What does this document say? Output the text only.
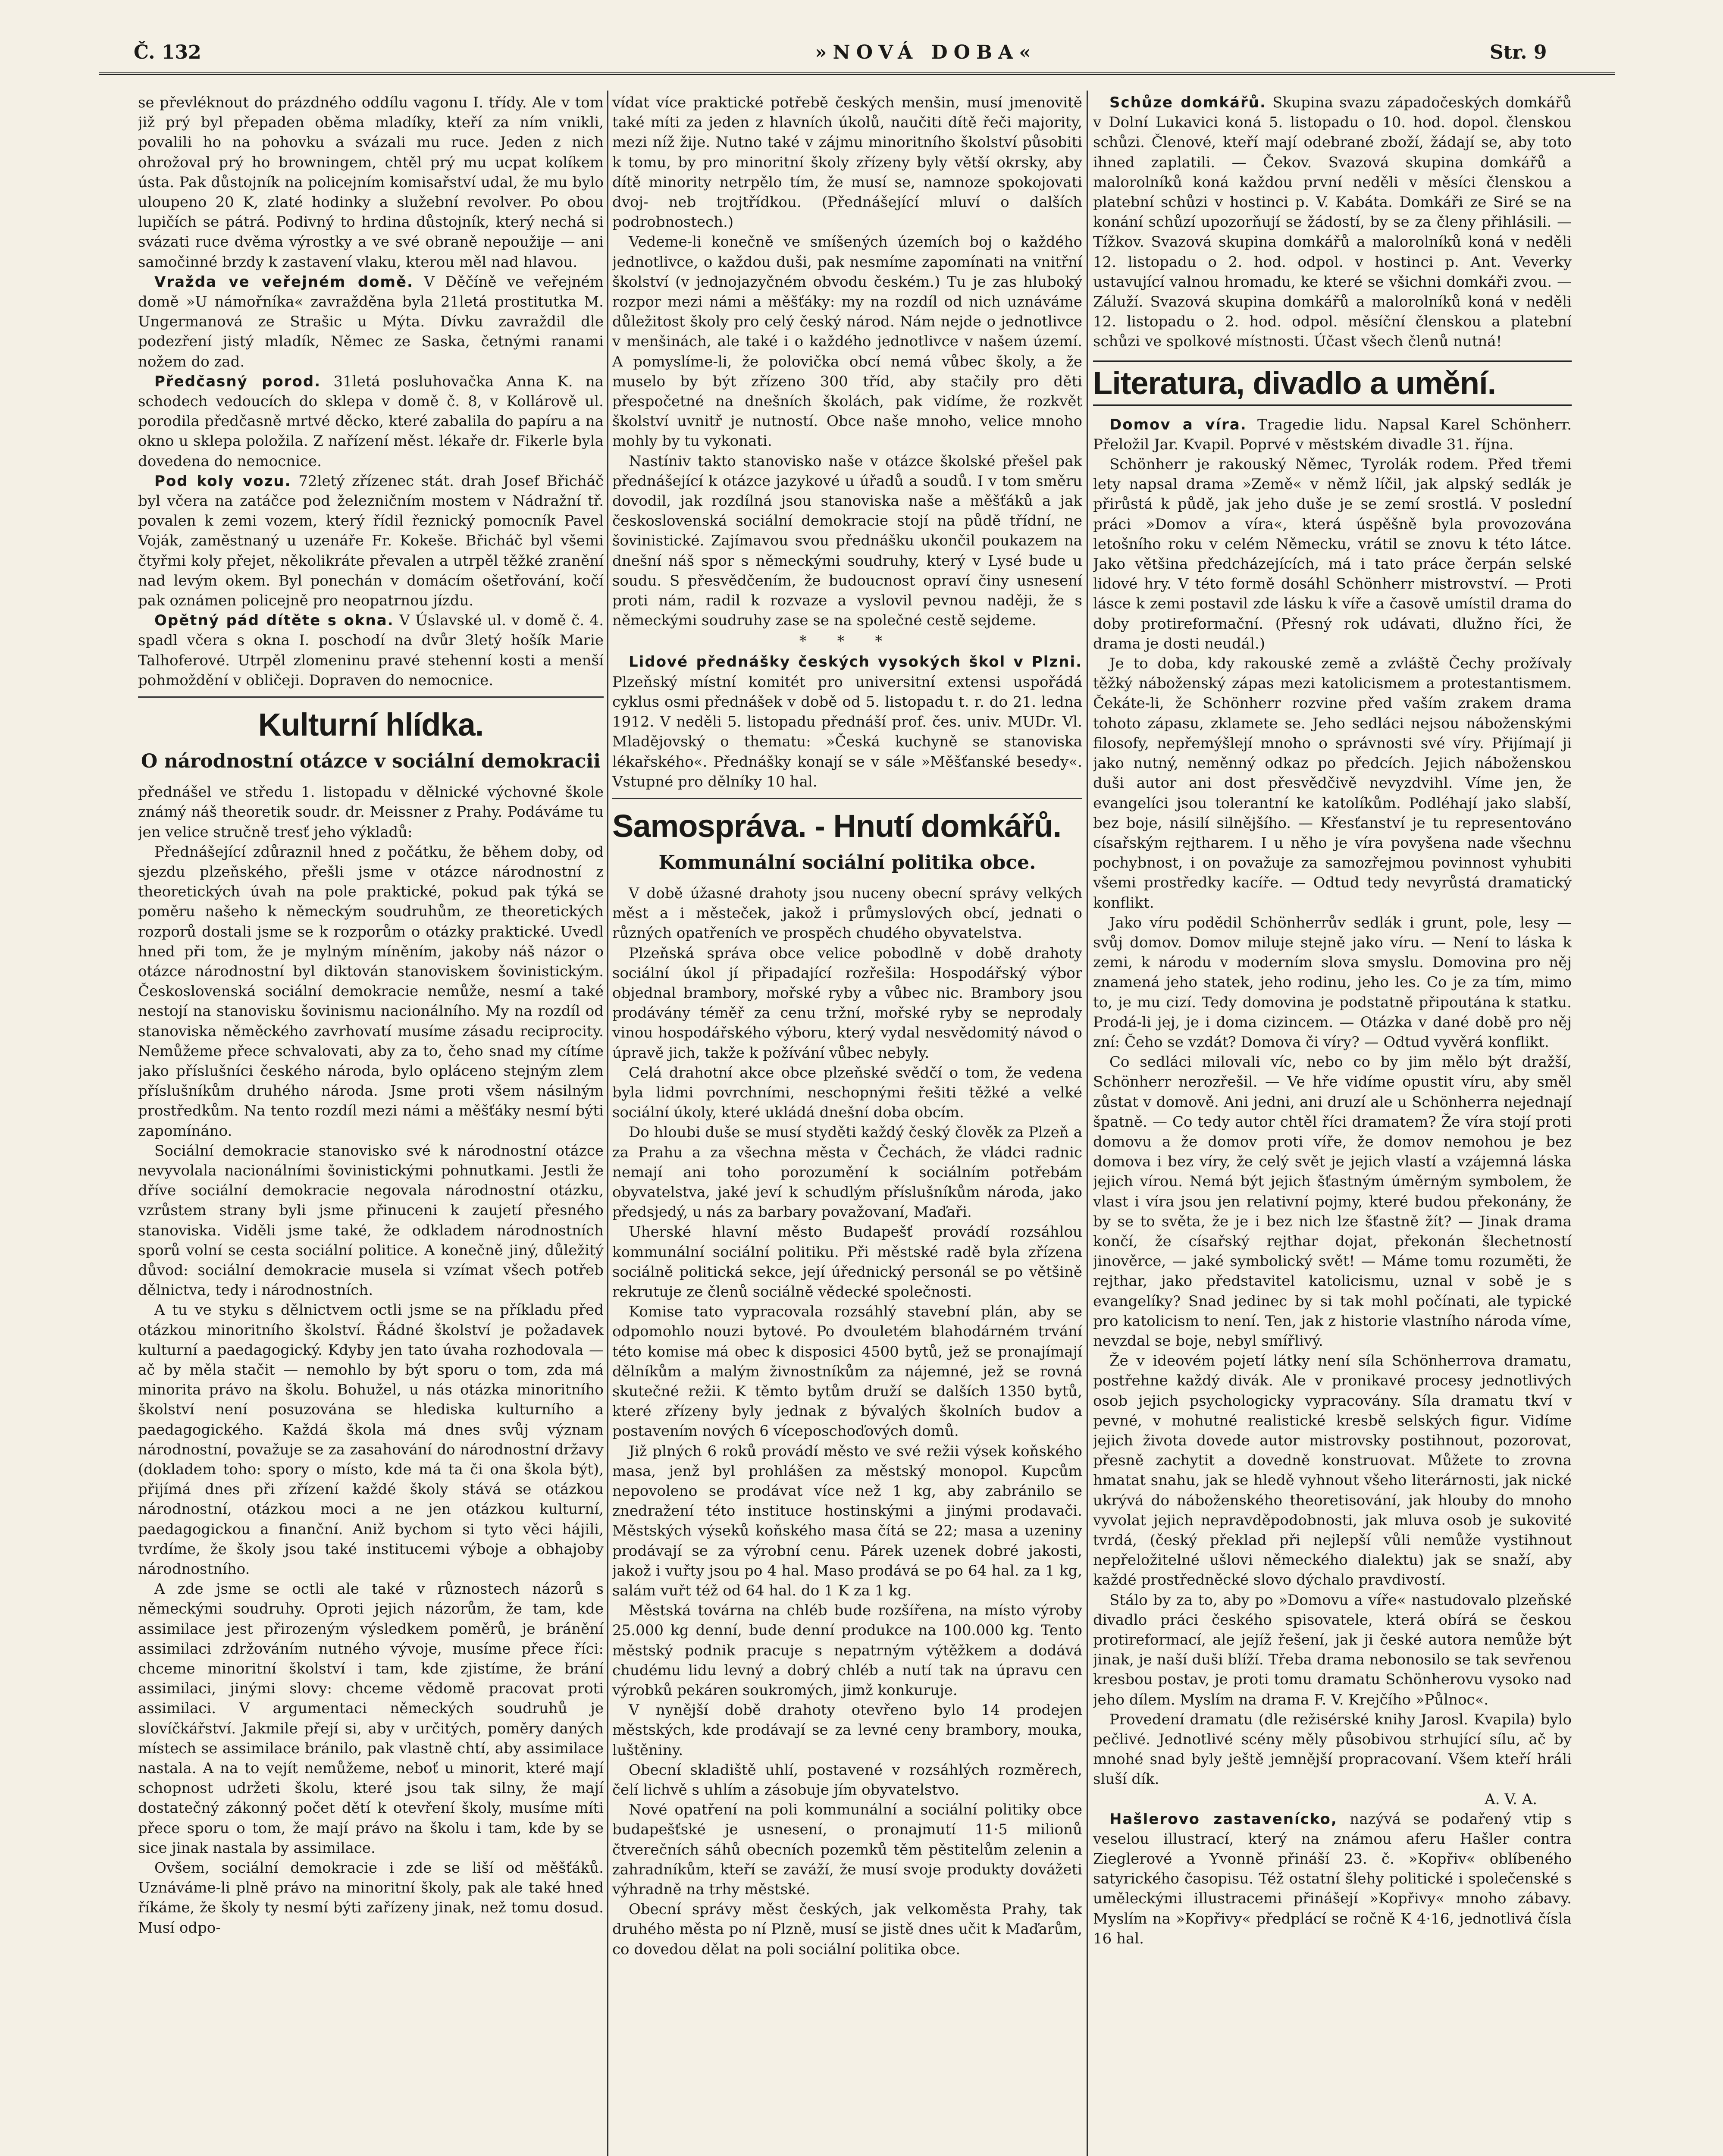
Č. 132	»NOVÁ DOBA«	Str. 9

se převléknout do prázdného oddílu vagonu I. třídy. Ale v tom již prý byl přepaden oběma mladíky, kteří za ním vnikli, povalili ho na pohovku a svázali mu ruce. Jeden z nich ohrožoval prý ho browningem, chtěl prý mu ucpat kolíkem ústa. Pak důstojník na policejním komisařství udal, že mu bylo uloupeno 20 K, zlaté hodinky a služební revolver. Po obou lupičích se pátrá. Podivný to hrdina důstojník, který nechá si svázati ruce dvěma výrostky a ve své obraně nepoužije — ani samočinné brzdy k zastavení vlaku, kterou měl nad hlavou.

Vražda ve veřejném domě. V Děčíně ve veřejném domě »U námořníka« zavražděna byla 21letá prostitutka M. Ungermanová ze Strašic u Mýta. Dívku zavraždil dle podezření jistý mladík, Němec ze Saska, četnými ranami nožem do zad.

Předčasný porod. 31letá posluhovačka Anna K. na schodech vedoucích do sklepa v domě č. 8, v Kollárově ul. porodila předčasně mrtvé děcko, které zabalila do papíru a na okno u sklepa položila. Z nařízení měst. lékaře dr. Fikerle byla dovedena do nemocnice.

Pod koly vozu. 72letý zřízenec stát. drah Josef Břicháč byl včera na zatáčce pod železničním mostem v Nádražní tř. povalen k zemi vozem, který řídil řeznický pomocník Pavel Voják, zaměstnaný u uzenáře Fr. Kokeše. Břicháč byl všemi čtyřmi koly přejet, několikráte převalen a utrpěl těžké zranění nad levým okem. Byl ponechán v domácím ošetřování, kočí pak oznámen policejně pro neopatrnou jízdu.

Opětný pád dítěte s okna. V Úslavské ul. v domě č. 4. spadl včera s okna I. poschodí na dvůr 3letý hošík Marie Talhoferové. Utrpěl zlomeninu pravé stehenní kosti a menší pohmoždění v obličeji. Dopraven do nemocnice.

Kulturní hlídka.
O národnostní otázce v sociální demokracii

přednášel ve středu 1. listopadu v dělnické výchovné škole známý náš theoretik soudr. dr. Meissner z Prahy. Podáváme tu jen velice stručně tresť jeho výkladů:

Přednášející zdůraznil hned z počátku, že během doby, od sjezdu plzeňského, přešli jsme v otázce národnostní z theoretických úvah na pole praktické, pokud pak týká se poměru našeho k německým soudruhům, ze theoretických rozporů dostali jsme se k rozporům o otázky praktické. Uvedl hned při tom, že je mylným míněním, jakoby náš názor o otázce národnostní byl diktován stanoviskem šovinistickým. Československá sociální demokracie nemůže, nesmí a také nestojí na stanovisku šovinismu nacionálního. My na rozdíl od stanoviska něměckého zavrhovatí musíme zásadu reciprocity. Nemůžeme přece schvalovati, aby za to, čeho snad my cítíme jako příslušníci českého národa, bylo opláceno stejným zlem příslušníkům druhého národa. Jsme proti všem násilným prostředkům. Na tento rozdíl mezi námi a měšťáky nesmí býti zapomínáno.

Sociální demokracie stanovisko své k národnostní otázce nevyvolala nacionálními šovinistickými pohnutkami. Jestli že dříve sociální demokracie negovala národnostní otázku, vzrůstem strany byli jsme přinuceni k zaujetí přesného stanoviska. Viděli jsme také, že odkladem národnostních sporů volní se cesta sociální politice. A konečně jiný, důležitý důvod: sociální demokracie musela si vzímat všech potřeb dělnictva, tedy i národnostních.

A tu ve styku s dělnictvem octli jsme se na příkladu před otázkou minoritního školství. Řádné školství je požadavek kulturní a paedagogický. Kdyby jen tato úvaha rozhodovala — ač by měla stačit — nemohlo by být sporu o tom, zda má minorita právo na školu. Bohužel, u nás otázka minoritního školství není posuzována se hlediska kulturního a paedagogického. Každá škola má dnes svůj význam národnostní, považuje se za zasahování do národnostní državy (dokladem toho: spory o místo, kde má ta či ona škola být), přijímá dnes při zřízení každé školy stává se otázkou národnostní, otázkou moci a ne jen otázkou kulturní, paedagogickou a finanční. Aniž bychom si tyto věci hájili, tvrdíme, že školy jsou také institucemi výboje a obhajoby národnostního.

A zde jsme se octli ale také v různostech názorů s německými soudruhy. Oproti jejich názorům, že tam, kde assimilace jest přirozeným výsledkem poměrů, je bránění assimilaci zdržováním nutného vývoje, musíme přece říci: chceme minoritní školství i tam, kde zjistíme, že brání assimilaci, jinými slovy: chceme vědomě pracovat proti assimilaci. V argumentaci německých soudruhů je slovíčkářství. Jakmile přejí si, aby v určitých, poměry daných místech se assimilace bránilo, pak vlastně chtí, aby assimilace nastala. A na to vejít nemůžeme, neboť u minorit, které mají schopnost udržeti školu, které jsou tak silny, že mají dostatečný zákonný počet dětí k otevření školy, musíme míti přece sporu o tom, že mají právo na školu i tam, kde by se sice jinak nastala by assimilace.

Ovšem, sociální demokracie i zde se liší od měšťáků. Uznáváme-li plně právo na minoritní školy, pak ale také hned říkáme, že školy ty nesmí býti zařízeny jinak, než tomu dosud. Musí odpo-

vídat více praktické potřebě českých menšin, musí jmenovitě také míti za jeden z hlavních úkolů, naučiti dítě řeči majority, mezi níž žije. Nutno také v zájmu minoritního školství působiti k tomu, by pro minoritní školy zřízeny byly větší okrsky, aby dítě minority netrpělo tím, že musí se, namnoze spokojovati dvoj- neb trojtřídkou. (Přednášející mluví o dalších podrobnostech.)

Vedeme-li konečně ve smíšených územích boj o každého jednotlivce, o každou duši, pak nesmíme zapomínati na vnitřní školství (v jednojazyčném obvodu českém.) Tu je zas hluboký rozpor mezi námi a měšťáky: my na rozdíl od nich uznáváme důležitost školy pro celý český národ. Nám nejde o jednotlivce v menšinách, ale také i o každého jednotlivce v našem území. A pomyslíme-li, že polovička obcí nemá vůbec školy, a že muselo by být zřízeno 300 tříd, aby stačily pro děti přespočetné na dnešních školách, pak vidíme, že rozkvět školství uvnitř je nutností. Obce naše mnoho, velice mnoho mohly by tu vykonati.

Nastíniv takto stanovisko naše v otázce školské přešel pak přednášející k otázce jazykové u úřadů a soudů. I v tom směru dovodil, jak rozdílná jsou stanoviska naše a měšťáků a jak československá sociální demokracie stojí na půdě třídní, ne šovinistické. Zajímavou svou přednášku ukončil poukazem na dnešní náš spor s německými soudruhy, který v Lysé bude u soudu. S přesvědčením, že budoucnost opraví činy usnesení proti nám, radil k rozvaze a vyslovil pevnou naději, že s německými soudruhy zase se na společné cestě sejdeme.

* * *

Lidové přednášky českých vysokých škol v Plzni. Plzeňský místní komitét pro universitní extensi uspořádá cyklus osmi přednášek v době od 5. listopadu t. r. do 21. ledna 1912. V neděli 5. listopadu přednáší prof. čes. univ. MUDr. Vl. Mladějovský o thematu: »Česká kuchyně se stanoviska lékařského«. Přednášky konají se v sále »Měšťanské besedy«. Vstupné pro dělníky 10 hal.

Samospráva. - Hnutí domkářů.
Kommunální sociální politika obce.

V době úžasné drahoty jsou nuceny obecní správy velkých měst a i městeček, jakož i průmyslových obcí, jednati o různých opatřeních ve prospěch chudého obyvatelstva.

Plzeňská správa obce velice pobodlně v době drahoty sociální úkol jí připadající rozřešila: Hospodářský výbor objednal brambory, mořské ryby a vůbec nic. Brambory jsou prodávány téměř za cenu tržní, mořské ryby se neprodaly vinou hospodářského výboru, který vydal nesvědomitý návod o úpravě jich, takže k požívání vůbec nebyly.

Celá drahotní akce obce plzeňské svědčí o tom, že vedena byla lidmi povrchními, neschopnými řešiti těžké a velké sociální úkoly, které ukládá dnešní doba obcím.

Do hloubi duše se musí styděti každý český člověk za Plzeň a za Prahu a za všechna města v Čechách, že vládci radnic nemají ani toho porozumění k sociálním potřebám obyvatelstva, jaké jeví k schudlým příslušníkům národa, jako předsjedý, u nás za barbary považovaní, Maďaři.

Uherské hlavní město Budapešť provádí rozsáhlou kommunální sociální politiku. Při městské radě byla zřízena sociálně politická sekce, její úřednický personál se po většině rekrutuje ze členů sociálně vědecké společnosti.

Komise tato vypracovala rozsáhlý stavební plán, aby se odpomohlo nouzi bytové. Po dvouletém blahodárném trvání této komise má obec k disposici 4500 bytů, jež se pronajímají dělníkům a malým živnostníkům za nájemné, jež se rovná skutečné režii. K těmto bytům druží se dalších 1350 bytů, které zřízeny byly jednak z bývalých školních budov a postavením nových 6 víceposchoďových domů.

Již plných 6 roků provádí město ve své režii výsek koňského masa, jenž byl prohlášen za městský monopol. Kupcům nepovoleno se prodávat více než 1 kg, aby zabránilo se znedražení této instituce hostinskými a jinými prodavači. Městských výseků koňského masa čítá se 22; masa a uzeniny prodávají se za výrobní cenu. Párek uzenek dobré jakosti, jakož i vuřty jsou po 4 hal. Maso prodává se po 64 hal. za 1 kg, salám vuřt též od 64 hal. do 1 K za 1 kg.

Městská továrna na chléb bude rozšířena, na místo výroby 25.000 kg denní, bude denní produkce na 100.000 kg. Tento městský podnik pracuje s nepatrným výtěžkem a dodává chudému lidu levný a dobrý chléb a nutí tak na úpravu cen výrobků pekáren soukromých, jimž konkuruje.

V nynější době drahoty otevřeno bylo 14 prodejen městských, kde prodávají se za levné ceny brambory, mouka, luštěniny.

Obecní skladiště uhlí, postavené v rozsáhlých rozměrech, čelí lichvě s uhlím a zásobuje jím obyvatelstvo.

Nové opatření na poli kommunální a sociální politiky obce budapešťské je usnesení, o pronajmutí 11·5 milionů čtverečních sáhů obecních pozemků těm pěstitelům zelenin a zahradníkům, kteří se zaváží, že musí svoje produkty dovážeti výhradně na trhy městské.

Obecní správy měst českých, jak velkoměsta Prahy, tak druhého města po ní Plzně, musí se jistě dnes učit k Maďarům, co dovedou dělat na poli sociální politika obce.

Schůze domkářů. Skupina svazu západočeských domkářů v Dolní Lukavici koná 5. listopadu o 10. hod. dopol. členskou schůzi. Členové, kteří mají odebrané zboží, žádají se, aby toto ihned zaplatili. — Čekov. Svazová skupina domkářů a malorolníků koná každou první neděli v měsíci členskou a platební schůzi v hostinci p. V. Kabáta. Domkáři ze Siré se na konání schůzí upozorňují se žádostí, by se za členy přihlásili. — Tížkov. Svazová skupina domkářů a malorolníků koná v neděli 12. listopadu o 2. hod. odpol. v hostinci p. Ant. Veverky ustavující valnou hromadu, ke které se všichni domkáři zvou. — Záluží. Svazová skupina domkářů a malorolníků koná v neděli 12. listopadu o 2. hod. odpol. měsíční členskou a platební schůzi ve spolkové místnosti. Účast všech členů nutná!

Literatura, divadlo a umění.

Domov a víra. Tragedie lidu. Napsal Karel Schönherr. Přeložil Jar. Kvapil. Poprvé v městském divadle 31. října.

Schönherr je rakouský Němec, Tyrolák rodem. Před třemi lety napsal drama »Země« v němž líčil, jak alpský sedlák je přirůstá k půdě, jak jeho duše je se zemí srostlá. V poslední práci »Domov a víra«, která úspěšně byla provozována letošního roku v celém Německu, vrátil se znovu k této látce. Jako většina předcházejících, má i tato práce čerpán selské lidové hry. V této formě dosáhl Schönherr mistrovství. — Proti lásce k zemi postavil zde lásku k víře a časově umístil drama do doby protireformační. (Přesný rok udávati, dlužno říci, že drama je dosti neudál.)

Je to doba, kdy rakouské země a zvláště Čechy prožívaly těžký náboženský zápas mezi katolicismem a protestantismem. Čekáte-li, že Schönherr rozvine před vaším zrakem drama tohoto zápasu, zklamete se. Jeho sedláci nejsou náboženskými filosofy, nepřemýšlejí mnoho o správnosti své víry. Přijímají ji jako nutný, neměnný odkaz po předcích. Jejich náboženskou duši autor ani dost přesvědčivě nevyzdvihl. Víme jen, že evangelíci jsou tolerantní ke katolíkům. Podléhají jako slabší, bez boje, násilí silnějšího. — Křesťanství je tu representováno císařským rejtharem. I u něho je víra povyšena nade všechnu pochybnost, i on považuje za samozřejmou povinnost vyhubiti všemi prostředky kacíře. — Odtud tedy nevyrůstá dramatický konflikt.

Jako víru podědil Schönherrův sedlák i grunt, pole, lesy — svůj domov. Domov miluje stejně jako víru. — Není to láska k zemi, k národu v moderním slova smyslu. Domovina pro něj znamená jeho statek, jeho rodinu, jeho les. Co je za tím, mimo to, je mu cizí. Tedy domovina je podstatně připoutána k statku. Prodá-li jej, je i doma cizincem. — Otázka v dané době pro něj zní: Čeho se vzdát? Domova či víry? — Odtud vyvěrá konflikt.

Co sedláci milovali víc, nebo co by jim mělo být dražší, Schönherr nerozřešil. — Ve hře vidíme opustit víru, aby směl zůstat v domově. Ani jedni, ani druzí ale u Schönherra nejednají špatně. — Co tedy autor chtěl říci dramatem? Že víra stojí proti domovu a že domov proti víře, že domov nemohou je bez domova i bez víry, že celý svět je jejich vlastí a vzájemná láska jejich vírou. Nemá být jejich šťastným úměrným symbolem, že vlast i víra jsou jen relativní pojmy, které budou překonány, že by se to světa, že je i bez nich lze šťastně žít? — Jinak drama končí, že císařský rejthar dojat, překonán šlechetností jinověrce, — jaké symbolický svět! — Máme tomu rozuměti, že rejthar, jako představitel katolicismu, uznal v sobě je s evangelíky? Snad jedinec by si tak mohl počínati, ale typické pro katolicism to není. Ten, jak z historie vlastního národa víme, nevzdal se boje, nebyl smířlivý.

Že v ideovém pojetí látky není síla Schönherrova dramatu, postřehne každý divák. Ale v pronikavé procesy jednotlivých osob jejich psychologicky vypracovány. Síla dramatu tkví v pevné, v mohutné realistické kresbě selských figur. Vidíme jejich života dovede autor mistrovsky postihnout, pozorovat, přesně zachytit a dovedně konstruovat. Můžete to zrovna hmatat snahu, jak se hledě vyhnout všeho literárnosti, jak nické ukrývá do náboženského theoretisování, jak hlouby do mnoho vyvolat jejich nepravděpodobnosti, jak mluva osob je sukovité tvrdá, (český překlad při nejlepší vůli nemůže vystihnout nepřeložitelné ušlovi německého dialektu) jak se snaží, aby každé prostředněcké slovo dýchalo pravdivostí.

Stálo by za to, aby po »Domovu a víře« nastudovalo plzeňské divadlo práci českého spisovatele, která obírá se českou protireformací, ale jejíž řešení, jak ji české autora nemůže být jinak, je naší duši blíží. Třeba drama nebonosilo se tak sevřenou kresbou postav, je proti tomu dramatu Schönherovu vysoko nad jeho dílem. Myslím na drama F. V. Krejčího »Půlnoc«.

Provedení dramatu (dle režisérské knihy Jarosl. Kvapila) bylo pečlivé. Jednotlivé scény měly působivou strhující sílu, ač by mnohé snad byly ještě jemnější propracovaní. Všem kteří hráli sluší dík.

A. V. A.

Hašlerovo zastavenícko, nazývá se podařený vtip s veselou illustrací, který na známou aferu Hašler contra Zieglerové a Yvonně přináší 23. č. »Kopřiv« oblíbeného satyrického časopisu. Též ostatní šlehy politické i společenské s uměleckými illustracemi přinášejí »Kopřivy« mnoho zábavy. Myslím na »Kopřivy« předplácí se ročně K 4·16, jednotlivá čísla 16 hal.
